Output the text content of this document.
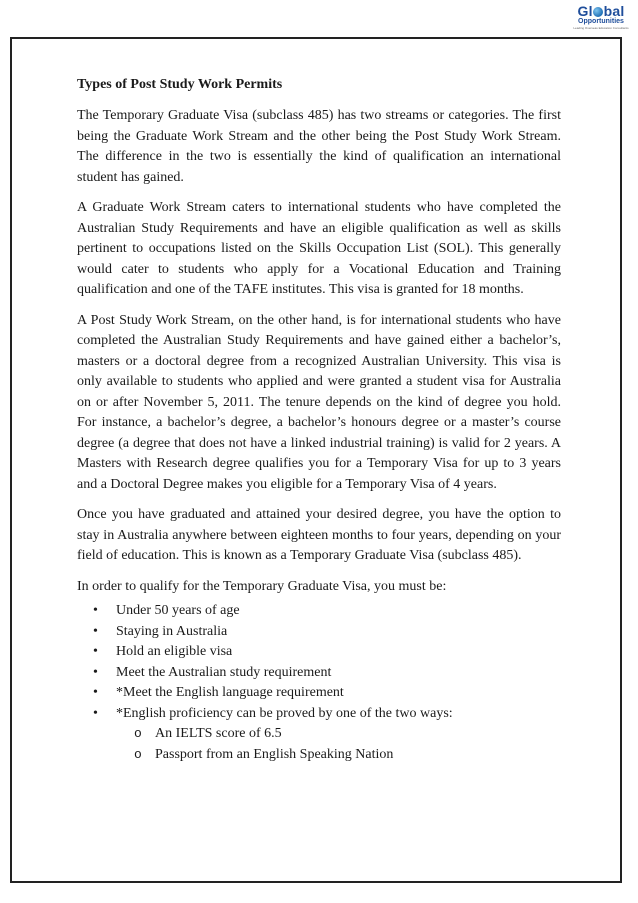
Gl bal
Opportunities
Leading Overseas Education Consultants
Types of Post Study Work Permits

The Temporary Graduate Visa (subclass 485) has two streams or categories. The first being the Graduate Work Stream and the other being the Post Study Work Stream. The difference in the two is essentially the kind of qualification an international student has gained.

A Graduate Work Stream caters to international students who have completed the Australian Study Requirements and have an eligible qualification as well as skills pertinent to occupations listed on the Skills Occupation List (SOL). This generally would cater to students who apply for a Vocational Education and Training qualification and one of the TAFE institutes. This visa is granted for 18 months.

A Post Study Work Stream, on the other hand, is for international students who have completed the Australian Study Requirements and have gained either a bachelor’s, masters or a doctoral degree from a recognized Australian University. This visa is only available to students who applied and were granted a student visa for Australia on or after November 5, 2011. The tenure depends on the kind of degree you hold. For instance, a bachelor’s degree, a bachelor’s honours degree or a master’s course degree (a degree that does not have a linked industrial training) is valid for 2 years. A Masters with Research degree qualifies you for a Temporary Visa for up to 3 years and a Doctoral Degree makes you eligible for a Temporary Visa of 4 years.

Once you have graduated and attained your desired degree, you have the option to stay in Australia anywhere between eighteen months to four years, depending on your field of education. This is known as a Temporary Graduate Visa (subclass 485).

In order to qualify for the Temporary Graduate Visa, you must be:

• Under 50 years of age
• Staying in Australia
• Hold an eligible visa
• Meet the Australian study requirement
• *Meet the English language requirement
• *English proficiency can be proved by one of the two ways:
o An IELTS score of 6.5
o Passport from an English Speaking Nation
